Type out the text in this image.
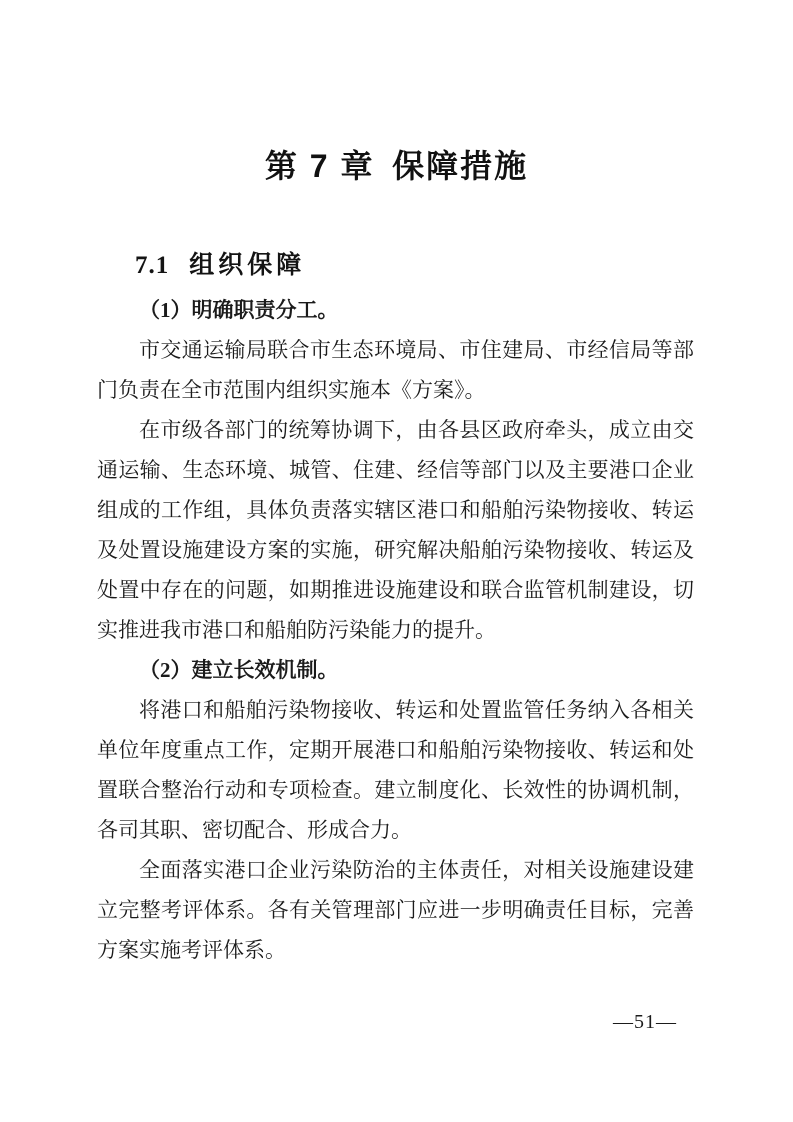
第 7 章 保障措施
7.1 组织保障

（1）明确职责分工。

市交通运输局联合市生态环境局、市住建局、市经信局等部门负责在全市范围内组织实施本《方案》。

在市级各部门的统筹协调下，由各县区政府牵头，成立由交通运输、生态环境、城管、住建、经信等部门以及主要港口企业组成的工作组，具体负责落实辖区港口和船舶污染物接收、转运及处置设施建设方案的实施，研究解决船舶污染物接收、转运及处置中存在的问题，如期推进设施建设和联合监管机制建设，切实推进我市港口和船舶防污染能力的提升。

（2）建立长效机制。

将港口和船舶污染物接收、转运和处置监管任务纳入各相关单位年度重点工作，定期开展港口和船舶污染物接收、转运和处置联合整治行动和专项检查。建立制度化、长效性的协调机制，各司其职、密切配合、形成合力。

全面落实港口企业污染防治的主体责任，对相关设施建设建立完整考评体系。各有关管理部门应进一步明确责任目标，完善方案实施考评体系。

—51—
